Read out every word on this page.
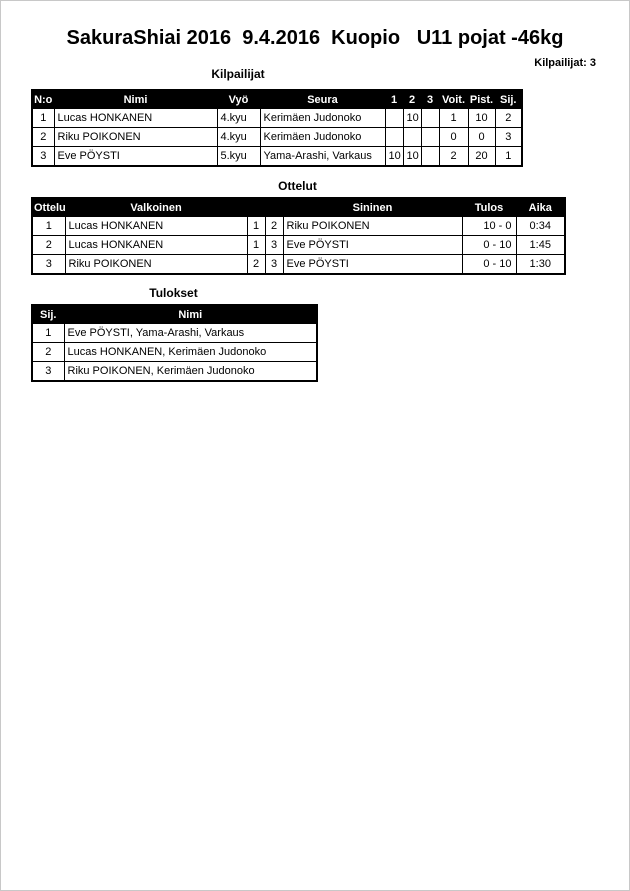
SakuraShiai 2016  9.4.2016  Kuopio   U11 pojat -46kg
Kilpailijat: 3
Kilpailijat
N:o	Nimi	Vyö	Seura	1	2	3	Voit.	Pist.	Sij.
1	Lucas HONKANEN	4.kyu	Kerimäen Judonoko		10		1	10	2
2	Riku POIKONEN	4.kyu	Kerimäen Judonoko				0	0	3
3	Eve PÖYSTI	5.kyu	Yama-Arashi, Varkaus	10	10		2	20	1
Ottelut
Ottelu	Valkoinen			Sininen	Tulos	Aika
1	Lucas HONKANEN	1	2	Riku POIKONEN	10 - 0	0:34
2	Lucas HONKANEN	1	3	Eve PÖYSTI	0 - 10	1:45
3	Riku POIKONEN	2	3	Eve PÖYSTI	0 - 10	1:30
Tulokset
Sij.	Nimi
1	Eve PÖYSTI, Yama-Arashi, Varkaus
2	Lucas HONKANEN, Kerimäen Judonoko
3	Riku POIKONEN, Kerimäen Judonoko
